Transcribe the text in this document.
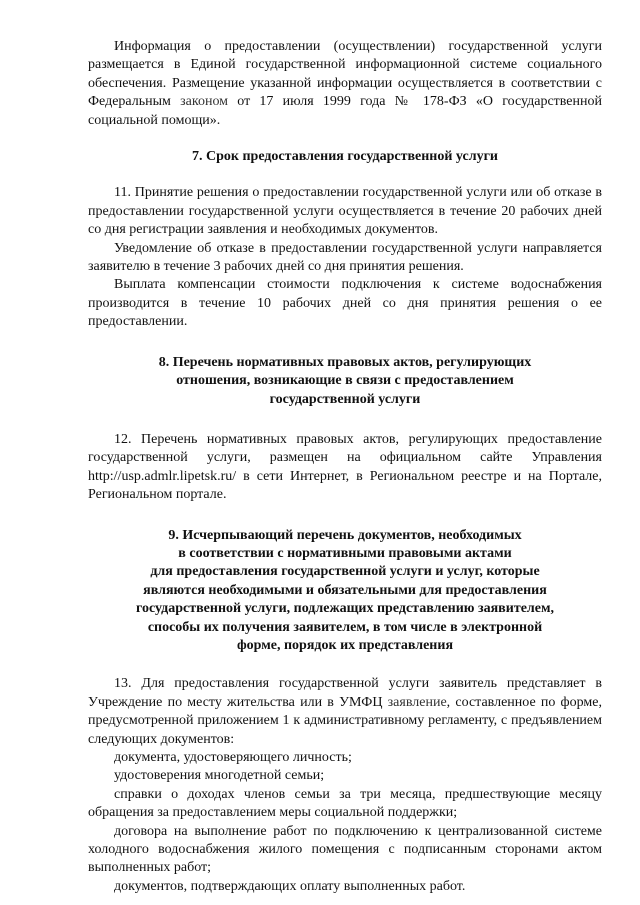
Информация о предоставлении (осуществлении) государственной услуги размещается в Единой государственной информационной системе социального обеспечения. Размещение указанной информации осуществляется в соответствии с Федеральным законом от 17 июля 1999 года № 178-ФЗ «О государственной социальной помощи».

7. Срок предоставления государственной услуги

11. Принятие решения о предоставлении государственной услуги или об отказе в предоставлении государственной услуги осуществляется в течение 20 рабочих дней со дня регистрации заявления и необходимых документов.

Уведомление об отказе в предоставлении государственной услуги направляется заявителю в течение 3 рабочих дней со дня принятия решения.

Выплата компенсации стоимости подключения к системе водоснабжения производится в течение 10 рабочих дней со дня принятия решения о ее предоставлении.

8. Перечень нормативных правовых актов, регулирующих
отношения, возникающие в связи с предоставлением
государственной услуги

12. Перечень нормативных правовых актов, регулирующих предоставление государственной услуги, размещен на официальном сайте Управления http://usp.admlr.lipetsk.ru/ в сети Интернет, в Региональном реестре и на Портале, Региональном портале.

9. Исчерпывающий перечень документов, необходимых
в соответствии с нормативными правовыми актами
для предоставления государственной услуги и услуг, которые
являются необходимыми и обязательными для предоставления
государственной услуги, подлежащих представлению заявителем,
способы их получения заявителем, в том числе в электронной
форме, порядок их представления

13. Для предоставления государственной услуги заявитель представляет в Учреждение по месту жительства или в УМФЦ заявление, составленное по форме, предусмотренной приложением 1 к административному регламенту, с предъявлением следующих документов:

документа, удостоверяющего личность;

удостоверения многодетной семьи;

справки о доходах членов семьи за три месяца, предшествующие месяцу обращения за предоставлением меры социальной поддержки;

договора на выполнение работ по подключению к централизованной системе холодного водоснабжения жилого помещения с подписанным сторонами актом выполненных работ;

документов, подтверждающих оплату выполненных работ.
